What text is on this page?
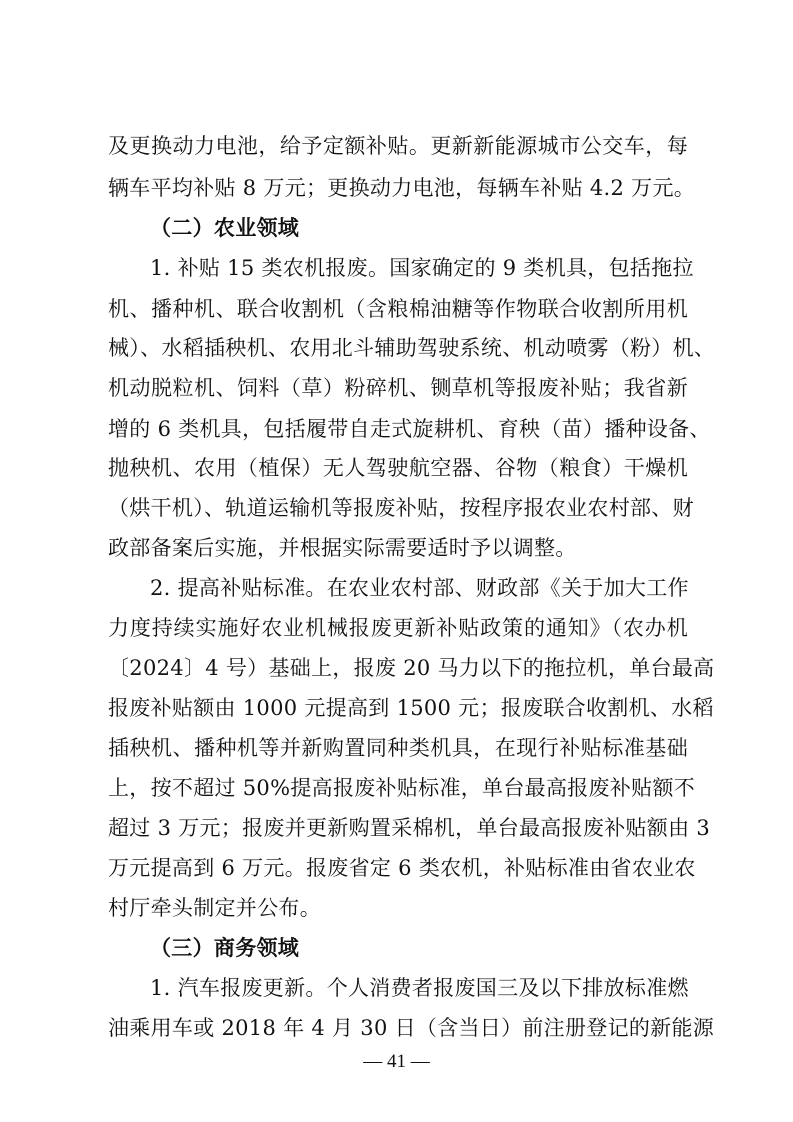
及更换动力电池，给予定额补贴。更新新能源城市公交车，每
辆车平均补贴 8 万元；更换动力电池，每辆车补贴 4.2 万元。
（二）农业领域
1. 补贴 15 类农机报废。国家确定的 9 类机具，包括拖拉
机、播种机、联合收割机（含粮棉油糖等作物联合收割所用机
械）、水稻插秧机、农用北斗辅助驾驶系统、机动喷雾（粉）机、
机动脱粒机、饲料（草）粉碎机、铡草机等报废补贴；我省新
增的 6 类机具，包括履带自走式旋耕机、育秧（苗）播种设备、
抛秧机、农用（植保）无人驾驶航空器、谷物（粮食）干燥机
（烘干机）、轨道运输机等报废补贴，按程序报农业农村部、财
政部备案后实施，并根据实际需要适时予以调整。
2. 提高补贴标准。在农业农村部、财政部《关于加大工作
力度持续实施好农业机械报废更新补贴政策的通知》（农办机
〔2024〕4 号）基础上，报废 20 马力以下的拖拉机，单台最高
报废补贴额由 1000 元提高到 1500 元；报废联合收割机、水稻
插秧机、播种机等并新购置同种类机具，在现行补贴标准基础
上，按不超过 50%提高报废补贴标准，单台最高报废补贴额不
超过 3 万元；报废并更新购置采棉机，单台最高报废补贴额由 3
万元提高到 6 万元。报废省定 6 类农机，补贴标准由省农业农
村厅牵头制定并公布。
（三）商务领域
1. 汽车报废更新。个人消费者报废国三及以下排放标准燃
油乘用车或 2018 年 4 月 30 日（含当日）前注册登记的新能源
— 41 —
